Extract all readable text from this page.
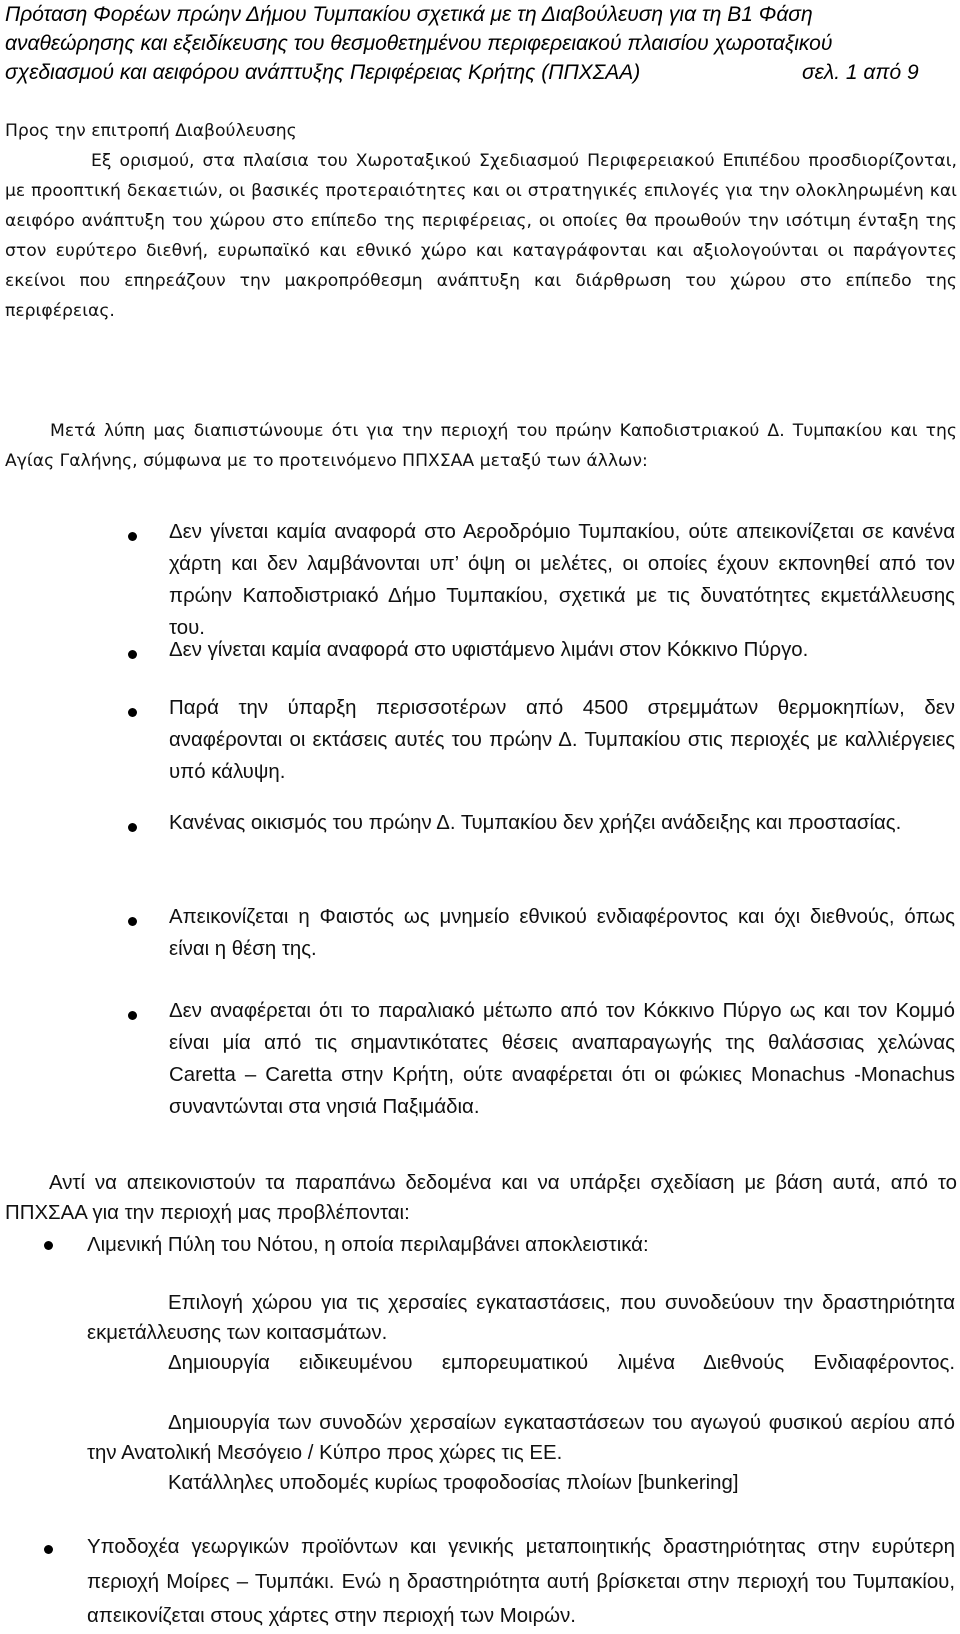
Πρόταση Φορέων πρώην Δήμου Τυμπακίου σχετικά με τη Διαβούλευση για τη Β1 Φάση
αναθεώρησης και εξειδίκευσης του θεσμοθετημένου περιφερειακού πλαισίου χωροταξικού
σχεδιασμού και αειφόρου ανάπτυξης Περιφέρειας Κρήτης (ΠΠΧΣΑΑ)	σελ. 1 από 9

Προς την επιτροπή Διαβούλευσης

Εξ ορισμού, στα πλαίσια του Χωροταξικού Σχεδιασμού Περιφερειακού Επιπέδου προσδιορίζονται, με προοπτική δεκαετιών, οι βασικές προτεραιότητες και οι στρατηγικές επιλογές για την ολοκληρωμένη και αειφόρο ανάπτυξη του χώρου στο επίπεδο της περιφέρειας, οι οποίες θα προωθούν την ισότιμη ένταξη της στον ευρύτερο διεθνή, ευρωπαϊκό και εθνικό χώρο και καταγράφονται και αξιολογούνται οι παράγοντες εκείνοι που επηρεάζουν την μακροπρόθεσμη ανάπτυξη και διάρθρωση του χώρου στο επίπεδο της περιφέρειας.

Μετά λύπη μας διαπιστώνουμε ότι για την περιοχή του πρώην Καποδιστριακού Δ. Τυμπακίου και της Αγίας Γαλήνης, σύμφωνα με το προτεινόμενο ΠΠΧΣΑΑ μεταξύ των άλλων:

Δεν γίνεται καμία αναφορά στο Αεροδρόμιο Τυμπακίου, ούτε απεικονίζεται σε κανένα χάρτη και δεν λαμβάνονται υπ’ όψη οι μελέτες, οι οποίες έχουν εκπονηθεί από τον πρώην Καποδιστριακό Δήμο Τυμπακίου, σχετικά με τις δυνατότητες εκμετάλλευσης του.

Δεν γίνεται καμία αναφορά στο υφιστάμενο λιμάνι στον Κόκκινο Πύργο.

Παρά την ύπαρξη περισσοτέρων από 4500 στρεμμάτων θερμοκηπίων, δεν αναφέρονται οι εκτάσεις αυτές του πρώην Δ. Τυμπακίου στις περιοχές με καλλιέργειες υπό κάλυψη.

Κανένας οικισμός του πρώην Δ. Τυμπακίου δεν χρήζει ανάδειξης και προστασίας.

Απεικονίζεται η Φαιστός ως μνημείο εθνικού ενδιαφέροντος και όχι διεθνούς, όπως είναι η θέση της.

Δεν αναφέρεται ότι το παραλιακό μέτωπο από τον Κόκκινο Πύργο ως και τον Κομμό είναι μία από τις σημαντικότατες θέσεις αναπαραγωγής της θαλάσσιας χελώνας Caretta – Caretta στην Κρήτη, ούτε αναφέρεται ότι οι φώκιες Monachus -Monachus συναντώνται στα νησιά Παξιμάδια.

Αντί να απεικονιστούν τα παραπάνω δεδομένα και να υπάρξει σχεδίαση με βάση αυτά, από το ΠΠΧΣΑΑ για την περιοχή μας προβλέπονται:

Λιμενική Πύλη του Νότου, η οποία περιλαμβάνει αποκλειστικά:

Επιλογή χώρου για τις χερσαίες εγκαταστάσεις, που συνοδεύουν την δραστηριότητα εκμετάλλευσης των κοιτασμάτων.

Δημιουργία ειδικευμένου εμπορευματικού λιμένα Διεθνούς Ενδιαφέροντος.

Δημιουργία των συνοδών χερσαίων εγκαταστάσεων του αγωγού φυσικού αερίου από την Ανατολική Μεσόγειο / Κύπρο προς χώρες τις ΕΕ.

Κατάλληλες υποδομές κυρίως τροφοδοσίας πλοίων [bunkering]

Υποδοχέα γεωργικών προϊόντων και γενικής μεταποιητικής δραστηριότητας στην ευρύτερη περιοχή Μοίρες – Τυμπάκι. Ενώ η δραστηριότητα αυτή βρίσκεται στην περιοχή του Τυμπακίου, απεικονίζεται στους χάρτες στην περιοχή των Μοιρών.
